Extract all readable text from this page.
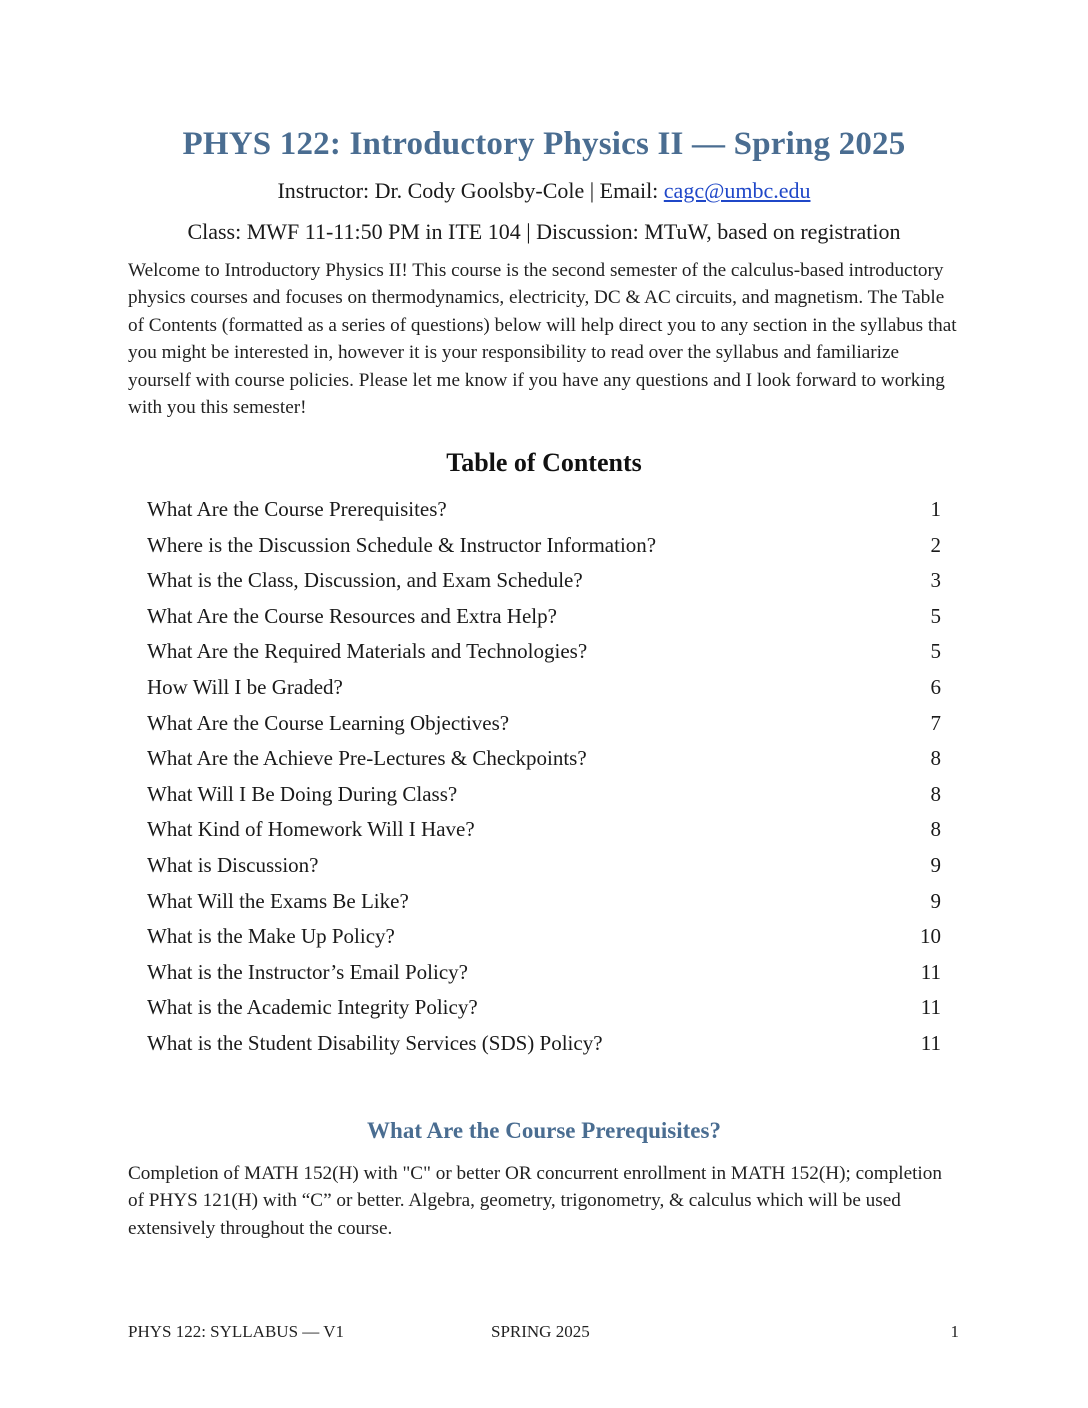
PHYS 122: Introductory Physics II — Spring 2025
Instructor: Dr. Cody Goolsby-Cole | Email: cagc@umbc.edu
Class: MWF 11-11:50 PM in ITE 104 | Discussion: MTuW, based on registration
Welcome to Introductory Physics II! This course is the second semester of the calculus-based introductory physics courses and focuses on thermodynamics, electricity, DC & AC circuits, and magnetism. The Table of Contents (formatted as a series of questions) below will help direct you to any section in the syllabus that you might be interested in, however it is your responsibility to read over the syllabus and familiarize yourself with course policies. Please let me know if you have any questions and I look forward to working with you this semester!
Table of Contents
What Are the Course Prerequisites?	1
Where is the Discussion Schedule & Instructor Information?	2
What is the Class, Discussion, and Exam Schedule?	3
What Are the Course Resources and Extra Help?	5
What Are the Required Materials and Technologies?	5
How Will I be Graded?	6
What Are the Course Learning Objectives?	7
What Are the Achieve Pre-Lectures & Checkpoints?	8
What Will I Be Doing During Class?	8
What Kind of Homework Will I Have?	8
What is Discussion?	9
What Will the Exams Be Like?	9
What is the Make Up Policy?	10
What is the Instructor’s Email Policy?	11
What is the Academic Integrity Policy?	11
What is the Student Disability Services (SDS) Policy?	11
What Are the Course Prerequisites?
Completion of MATH 152(H) with "C" or better OR concurrent enrollment in MATH 152(H); completion of PHYS 121(H) with “C” or better. Algebra, geometry, trigonometry, & calculus which will be used extensively throughout the course.
PHYS 122: SYLLABUS — V1	SPRING 2025	1
